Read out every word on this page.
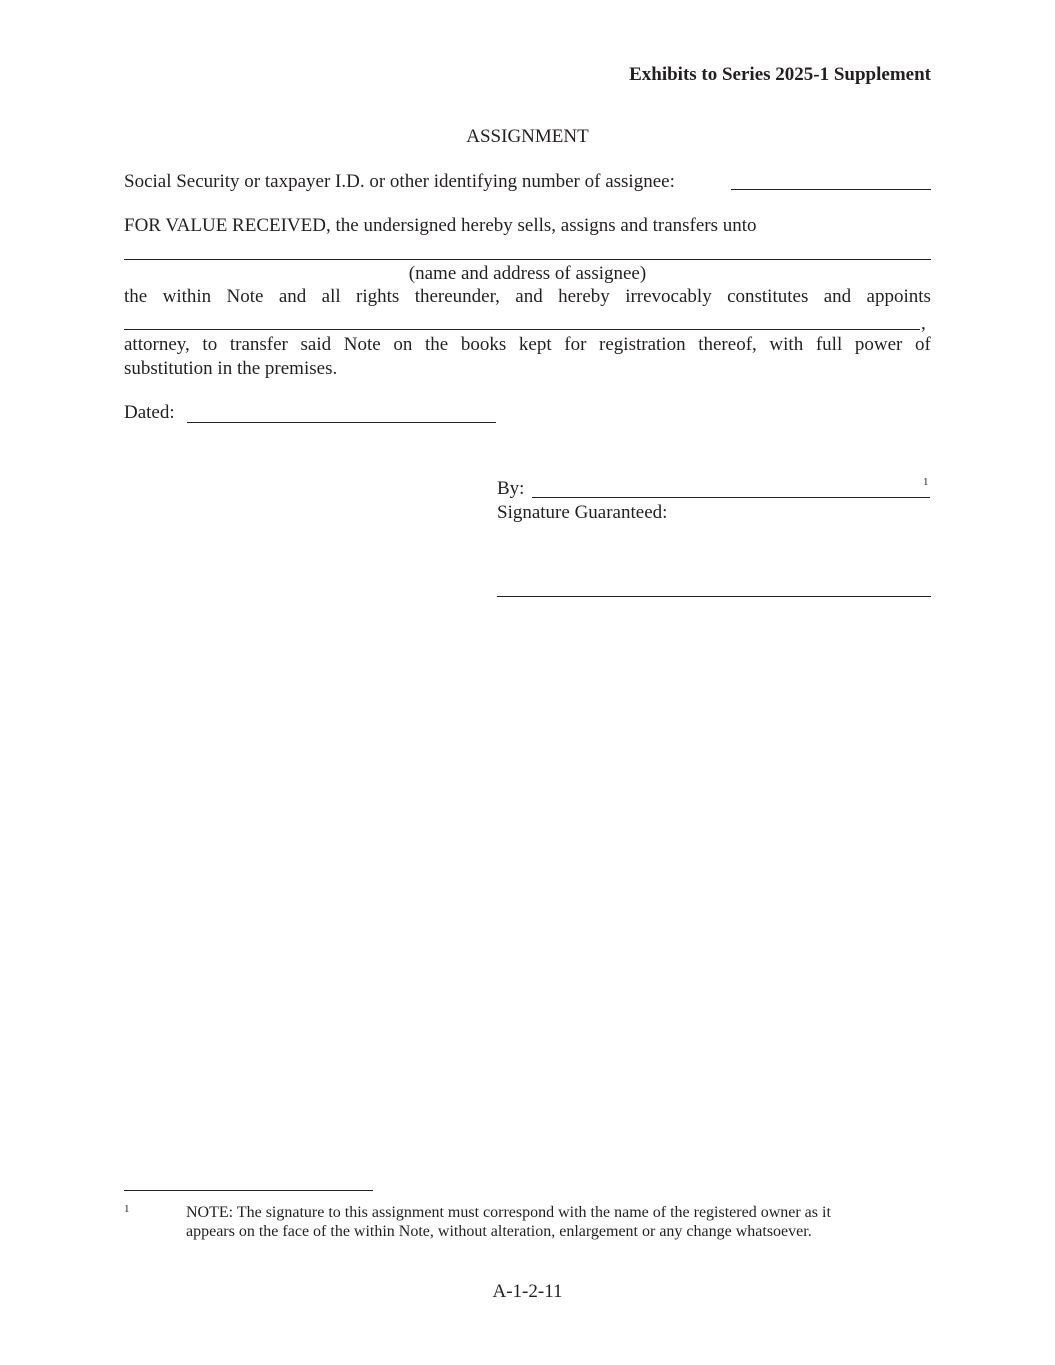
Exhibits to Series 2025-1 Supplement
ASSIGNMENT
Social Security or taxpayer I.D. or other identifying number of assignee:
FOR VALUE RECEIVED, the undersigned hereby sells, assigns and transfers unto
(name and address of assignee)
the within Note and all rights thereunder, and hereby irrevocably constitutes and appoints
,
attorney, to transfer said Note on the books kept for registration thereof, with full power of
substitution in the premises.
Dated:
By:	1
Signature Guaranteed:
1	NOTE: The signature to this assignment must correspond with the name of the registered owner as it
appears on the face of the within Note, without alteration, enlargement or any change whatsoever.
A-1-2-11
